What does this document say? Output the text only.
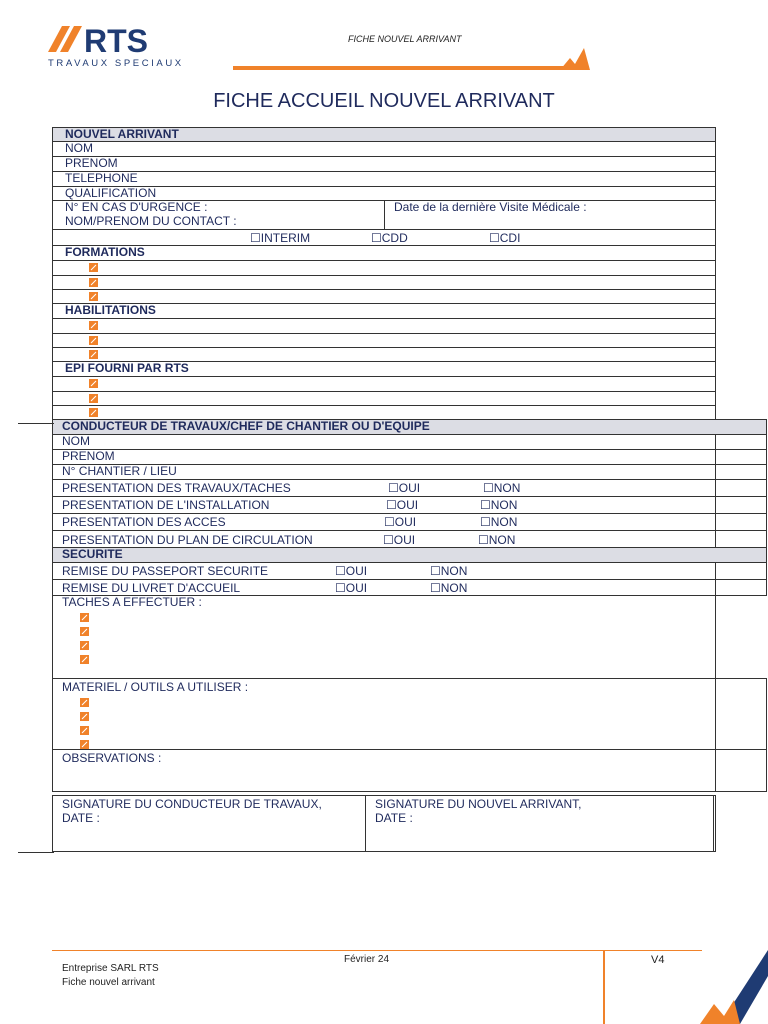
RTS
TRAVAUX SPECIAUX
FICHE NOUVEL ARRIVANT
FICHE ACCUEIL NOUVEL ARRIVANT
NOUVEL ARRIVANT
NOM
PRENOM
TELEPHONE
QUALIFICATION
N° EN CAS D'URGENCE :
NOM/PRENOM DU CONTACT :
Date de la dernière Visite Médicale :
☐INTERIM	☐CDD	☐CDI
FORMATIONS
HABILITATIONS
EPI FOURNI PAR RTS
CONDUCTEUR DE TRAVAUX/CHEF DE CHANTIER OU D'EQUIPE
NOM
PRENOM
N° CHANTIER / LIEU
PRESENTATION DES TRAVAUX/TACHES	☐OUI	☐NON
PRESENTATION DE L'INSTALLATION	☐OUI	☐NON
PRESENTATION DES ACCES	☐OUI	☐NON
PRESENTATION DU PLAN DE CIRCULATION	☐OUI	☐NON
SECURITE
REMISE DU PASSEPORT SECURITE	☐OUI	☐NON
REMISE DU LIVRET D'ACCUEIL	☐OUI	☐NON
TACHES A EFFECTUER :
MATERIEL / OUTILS A UTILISER :
OBSERVATIONS :
SIGNATURE DU CONDUCTEUR DE TRAVAUX,
DATE :
SIGNATURE DU NOUVEL ARRIVANT,
DATE :
Entreprise SARL RTS
Fiche nouvel arrivant
Février 24	V4
